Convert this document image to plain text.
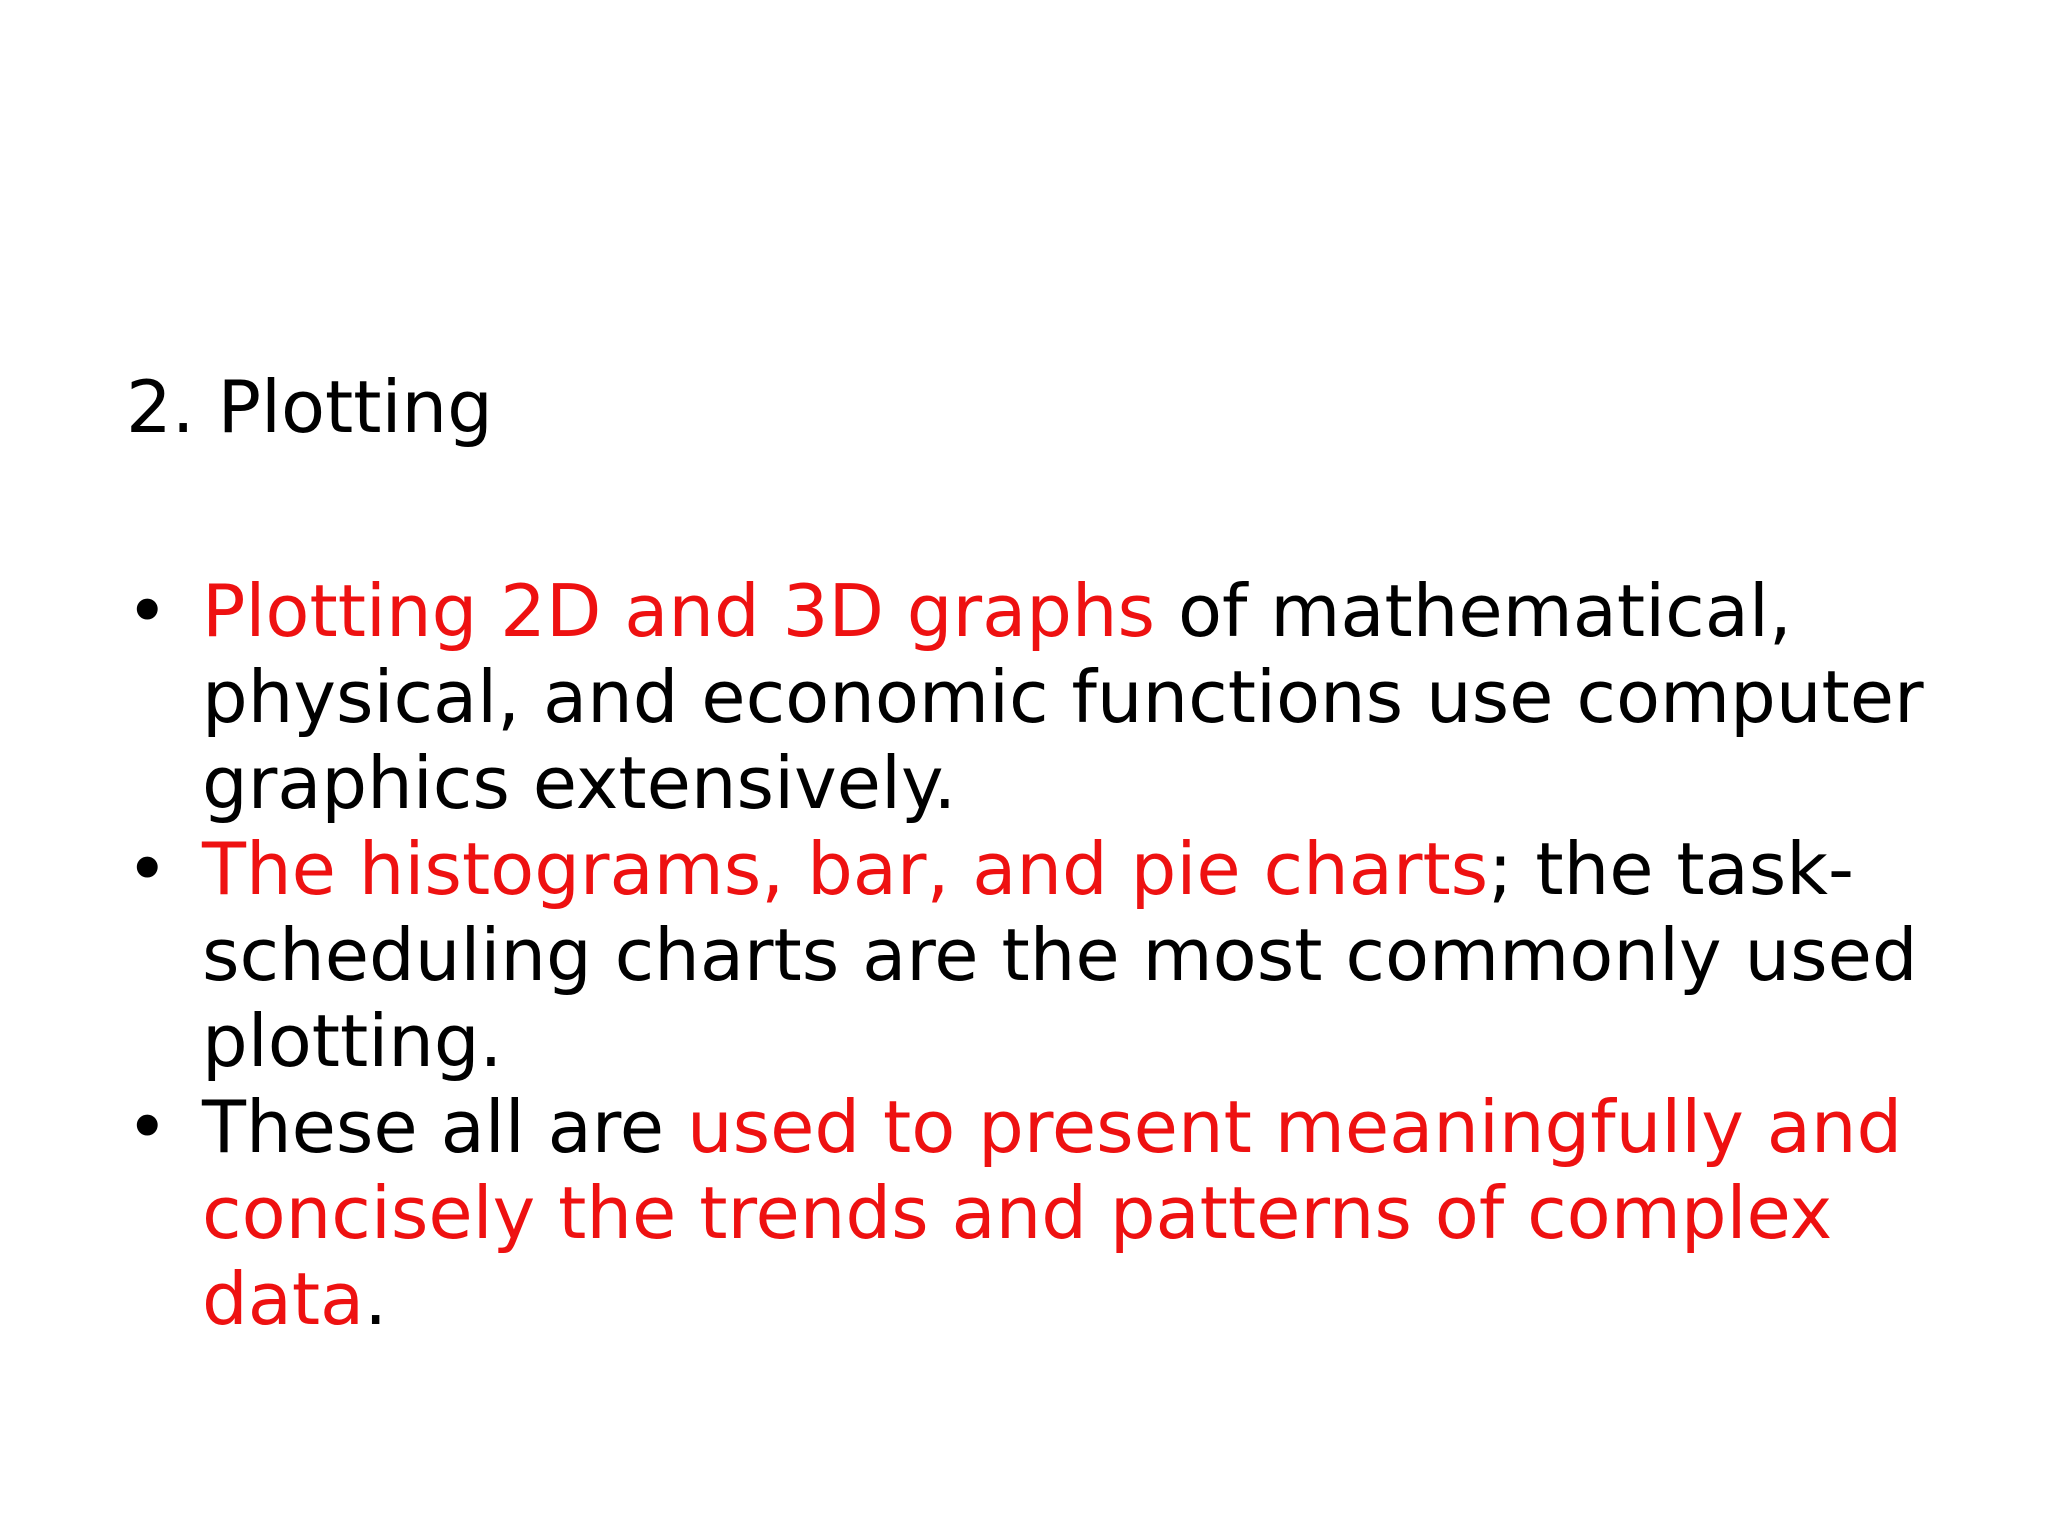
2. Plotting
• Plotting 2D and 3D graphs of mathematical,
physical, and economic functions use computer
graphics extensively.
• The histograms, bar, and pie charts; the task-
scheduling charts are the most commonly used
plotting.
• These all are used to present meaningfully and
concisely the trends and patterns of complex
data.
